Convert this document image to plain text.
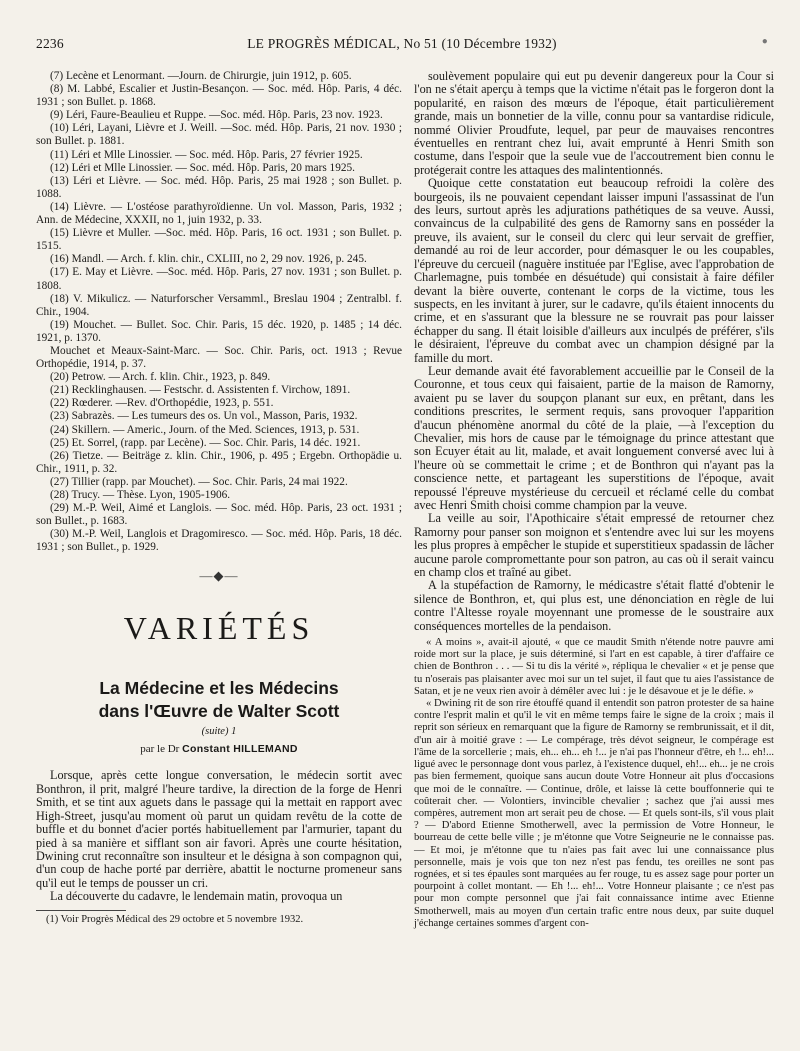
2236	LE PROGRÈS MÉDICAL, No 51 (10 Décembre 1932)	●

(7) Lecène et Lenormant. —Journ. de Chirurgie, juin 1912, p. 605.

(8) M. Labbé, Escalier et Justin-Besançon. — Soc. méd. Hôp. Paris, 4 déc. 1931 ; son Bullet. p. 1868.

(9) Léri, Faure-Beaulieu et Ruppe. —Soc. méd. Hôp. Paris, 23 nov. 1923.

(10) Léri, Layani, Lièvre et J. Weill. —Soc. méd. Hôp. Paris, 21 nov. 1930 ; son Bullet. p. 1881.

(11) Léri et Mlle Linossier. — Soc. méd. Hôp. Paris, 27 février 1925.

(12) Léri et Mlle Linossier. — Soc. méd. Hôp. Paris, 20 mars 1925.

(13) Léri et Lièvre. — Soc. méd. Hôp. Paris, 25 mai 1928 ; son Bullet. p. 1088.

(14) Lièvre. — L'ostéose parathyroïdienne. Un vol. Masson, Paris, 1932 ; Ann. de Médecine, XXXII, no 1, juin 1932, p. 33.

(15) Lièvre et Muller. —Soc. méd. Hôp. Paris, 16 oct. 1931 ; son Bullet. p. 1515.

(16) Mandl. — Arch. f. klin. chir., CXLIII, no 2, 29 nov. 1926, p. 245.

(17) E. May et Lièvre. —Soc. méd. Hôp. Paris, 27 nov. 1931 ; son Bullet. p. 1808.

(18) V. Mikulicz. — Naturforscher Versamml., Breslau 1904 ; Zentralbl. f. Chir., 1904.

(19) Mouchet. — Bullet. Soc. Chir. Paris, 15 déc. 1920, p. 1485 ; 14 déc. 1921, p. 1370.

Mouchet et Meaux-Saint-Marc. — Soc. Chir. Paris, oct. 1913 ; Revue Orthopédie, 1914, p. 37.

(20) Petrow. — Arch. f. klin. Chir., 1923, p. 849.

(21) Recklinghausen. — Festschr. d. Assistenten f. Virchow, 1891.

(22) Rœderer. —Rev. d'Orthopédie, 1923, p. 551.

(23) Sabrazès. — Les tumeurs des os. Un vol., Masson, Paris, 1932.

(24) Skillern. — Americ., Journ. of the Med. Sciences, 1913, p. 531.

(25) Et. Sorrel, (rapp. par Lecène). — Soc. Chir. Paris, 14 déc. 1921.

(26) Tietze. — Beiträge z. klin. Chir., 1906, p. 495 ; Ergebn. Orthopädie u. Chir., 1911, p. 32.

(27) Tillier (rapp. par Mouchet). — Soc. Chir. Paris, 24 mai 1922.

(28) Trucy. — Thèse. Lyon, 1905-1906.

(29) M.-P. Weil, Aimé et Langlois. — Soc. méd. Hôp. Paris, 23 oct. 1931 ; son Bullet., p. 1683.

(30) M.-P. Weil, Langlois et Dragomiresco. — Soc. méd. Hôp. Paris, 18 déc. 1931 ; son Bullet., p. 1929.

—◆—
VARIÉTÉS
La Médecine et les Médecins
dans l'Œuvre de Walter Scott
(suite) 1
par le Dr Constant HILLEMAND

Lorsque, après cette longue conversation, le médecin sortit avec Bonthron, il prit, malgré l'heure tardive, la direction de la forge de Henri Smith, et se tint aux aguets dans le passage qui la mettait en rapport avec High-Street, jusqu'au moment où parut un quidam revêtu de la cotte de buffle et du bonnet d'acier portés habituellement par l'armurier, tapant du pied à sa manière et sifflant son air favori. Après une courte hésitation, Dwining crut reconnaître son insulteur et le désigna à son compagnon qui, d'un coup de hache porté par derrière, abattit le nocturne promeneur sans qu'il eut le temps de pousser un cri.

La découverte du cadavre, le lendemain matin, provoqua un

(1) Voir Progrès Médical des 29 octobre et 5 novembre 1932.

soulèvement populaire qui eut pu devenir dangereux pour la Cour si l'on ne s'était aperçu à temps que la victime n'était pas le forgeron dont la popularité, en raison des mœurs de l'époque, était particulièrement grande, mais un bonnetier de la ville, connu pour sa vantardise ridicule, nommé Olivier Proudfute, lequel, par peur de mauvaises rencontres éventuelles en rentrant chez lui, avait emprunté à Henri Smith son costume, dans l'espoir que la seule vue de l'accoutrement bien connu le protégerait contre les attaques des malintentionnés.

Quoique cette constatation eut beaucoup refroidi la colère des bourgeois, ils ne pouvaient cependant laisser impuni l'assassinat de l'un des leurs, surtout après les adjurations pathétiques de sa veuve. Aussi, convaincus de la culpabilité des gens de Ramorny sans en posséder la preuve, ils avaient, sur le conseil du clerc qui leur servait de greffier, demandé au roi de leur accorder, pour démasquer le ou les coupables, l'épreuve du cercueil (naguère instituée par l'Eglise, avec l'approbation de Charlemagne, puis tombée en désuétude) qui consistait à faire défiler devant la bière ouverte, contenant le corps de la victime, tous les suspects, en les invitant à jurer, sur le cadavre, qu'ils étaient innocents du crime, et en s'assurant que la blessure ne se rouvrait pas pour laisser échapper du sang. Il était loisible d'ailleurs aux inculpés de préférer, s'ils le désiraient, l'épreuve du combat avec un champion désigné par la famille du mort.

Leur demande avait été favorablement accueillie par le Conseil de la Couronne, et tous ceux qui faisaient, partie de la maison de Ramorny, avaient pu se laver du soupçon planant sur eux, en prêtant, dans les conditions prescrites, le serment requis, sans provoquer l'apparition d'aucun phénomène anormal du côté de la plaie, —à l'exception du Chevalier, mis hors de cause par le témoignage du prince attestant que son Ecuyer était au lit, malade, et avait longuement conversé avec lui à l'heure où se commettait le crime ; et de Bonthron qui n'ayant pas la conscience nette, et partageant les superstitions de l'époque, avait repoussé l'épreuve mystérieuse du cercueil et réclamé celle du combat avec Henri Smith choisi comme champion par la veuve.

La veille au soir, l'Apothicaire s'était empressé de retourner chez Ramorny pour panser son moignon et s'entendre avec lui sur les moyens les plus propres à empêcher le stupide et superstitieux spadassin de lâcher aucune parole compromettante pour son patron, au cas où il serait vaincu en champ clos et traîné au gibet.

A la stupéfaction de Ramorny, le médicastre s'était flatté d'obtenir le silence de Bonthron, et, qui plus est, une dénonciation en règle de lui contre l'Altesse royale moyennant une promesse de le soustraire aux conséquences mortelles de la pendaison.

« A moins », avait-il ajouté, « que ce maudit Smith n'étende notre pauvre ami roide mort sur la place, je suis déterminé, si l'art en est capable, à tirer d'affaire ce chien de Bonthron . . . — Si tu dis la vérité », répliqua le chevalier « et je pense que tu n'oserais pas plaisanter avec moi sur un tel sujet, il faut que tu aies l'assistance de Satan, et je ne veux rien avoir à démêler avec lui : je le désavoue et je le défie. »

« Dwining rit de son rire étouffé quand il entendit son patron protester de sa haine contre l'esprit malin et qu'il le vit en même temps faire le signe de la croix ; mais il reprit son sérieux en remarquant que la figure de Ramorny se rembrunissait, et il dit, d'un air à moitié grave : — Le compérage, très dévot seigneur, le compérage est l'âme de la sorcellerie ; mais, eh... eh... eh !... je n'ai pas l'honneur d'être, eh !... eh!... ligué avec le personnage dont vous parlez, à l'existence duquel, eh!... eh... je ne crois pas bien fermement, quoique sans aucun doute Votre Honneur ait plus d'occasions que moi de le connaître. — Continue, drôle, et laisse là cette bouffonnerie qui te coûterait cher. — Volontiers, invincible chevalier ; sachez que j'ai aussi mes compères, autrement mon art serait peu de chose. — Et quels sont-ils, s'il vous plait ? — D'abord Etienne Smotherwell, avec la permission de Votre Honneur, le bourreau de cette belle ville ; je m'étonne que Votre Seigneurie ne le connaisse pas. — Et moi, je m'étonne que tu n'aies pas fait avec lui une connaissance plus personnelle, mais je vois que ton nez n'est pas fendu, tes oreilles ne sont pas rognées, et si tes épaules sont marquées au fer rouge, tu es assez sage pour porter un pourpoint à collet montant. — Eh !... eh!... Votre Honneur plaisante ; ce n'est pas pour mon compte personnel que j'ai fait connaissance intime avec Etienne Smotherwell, mais au moyen d'un certain trafic entre nous deux, par suite duquel j'échange certaines sommes d'argent con-
